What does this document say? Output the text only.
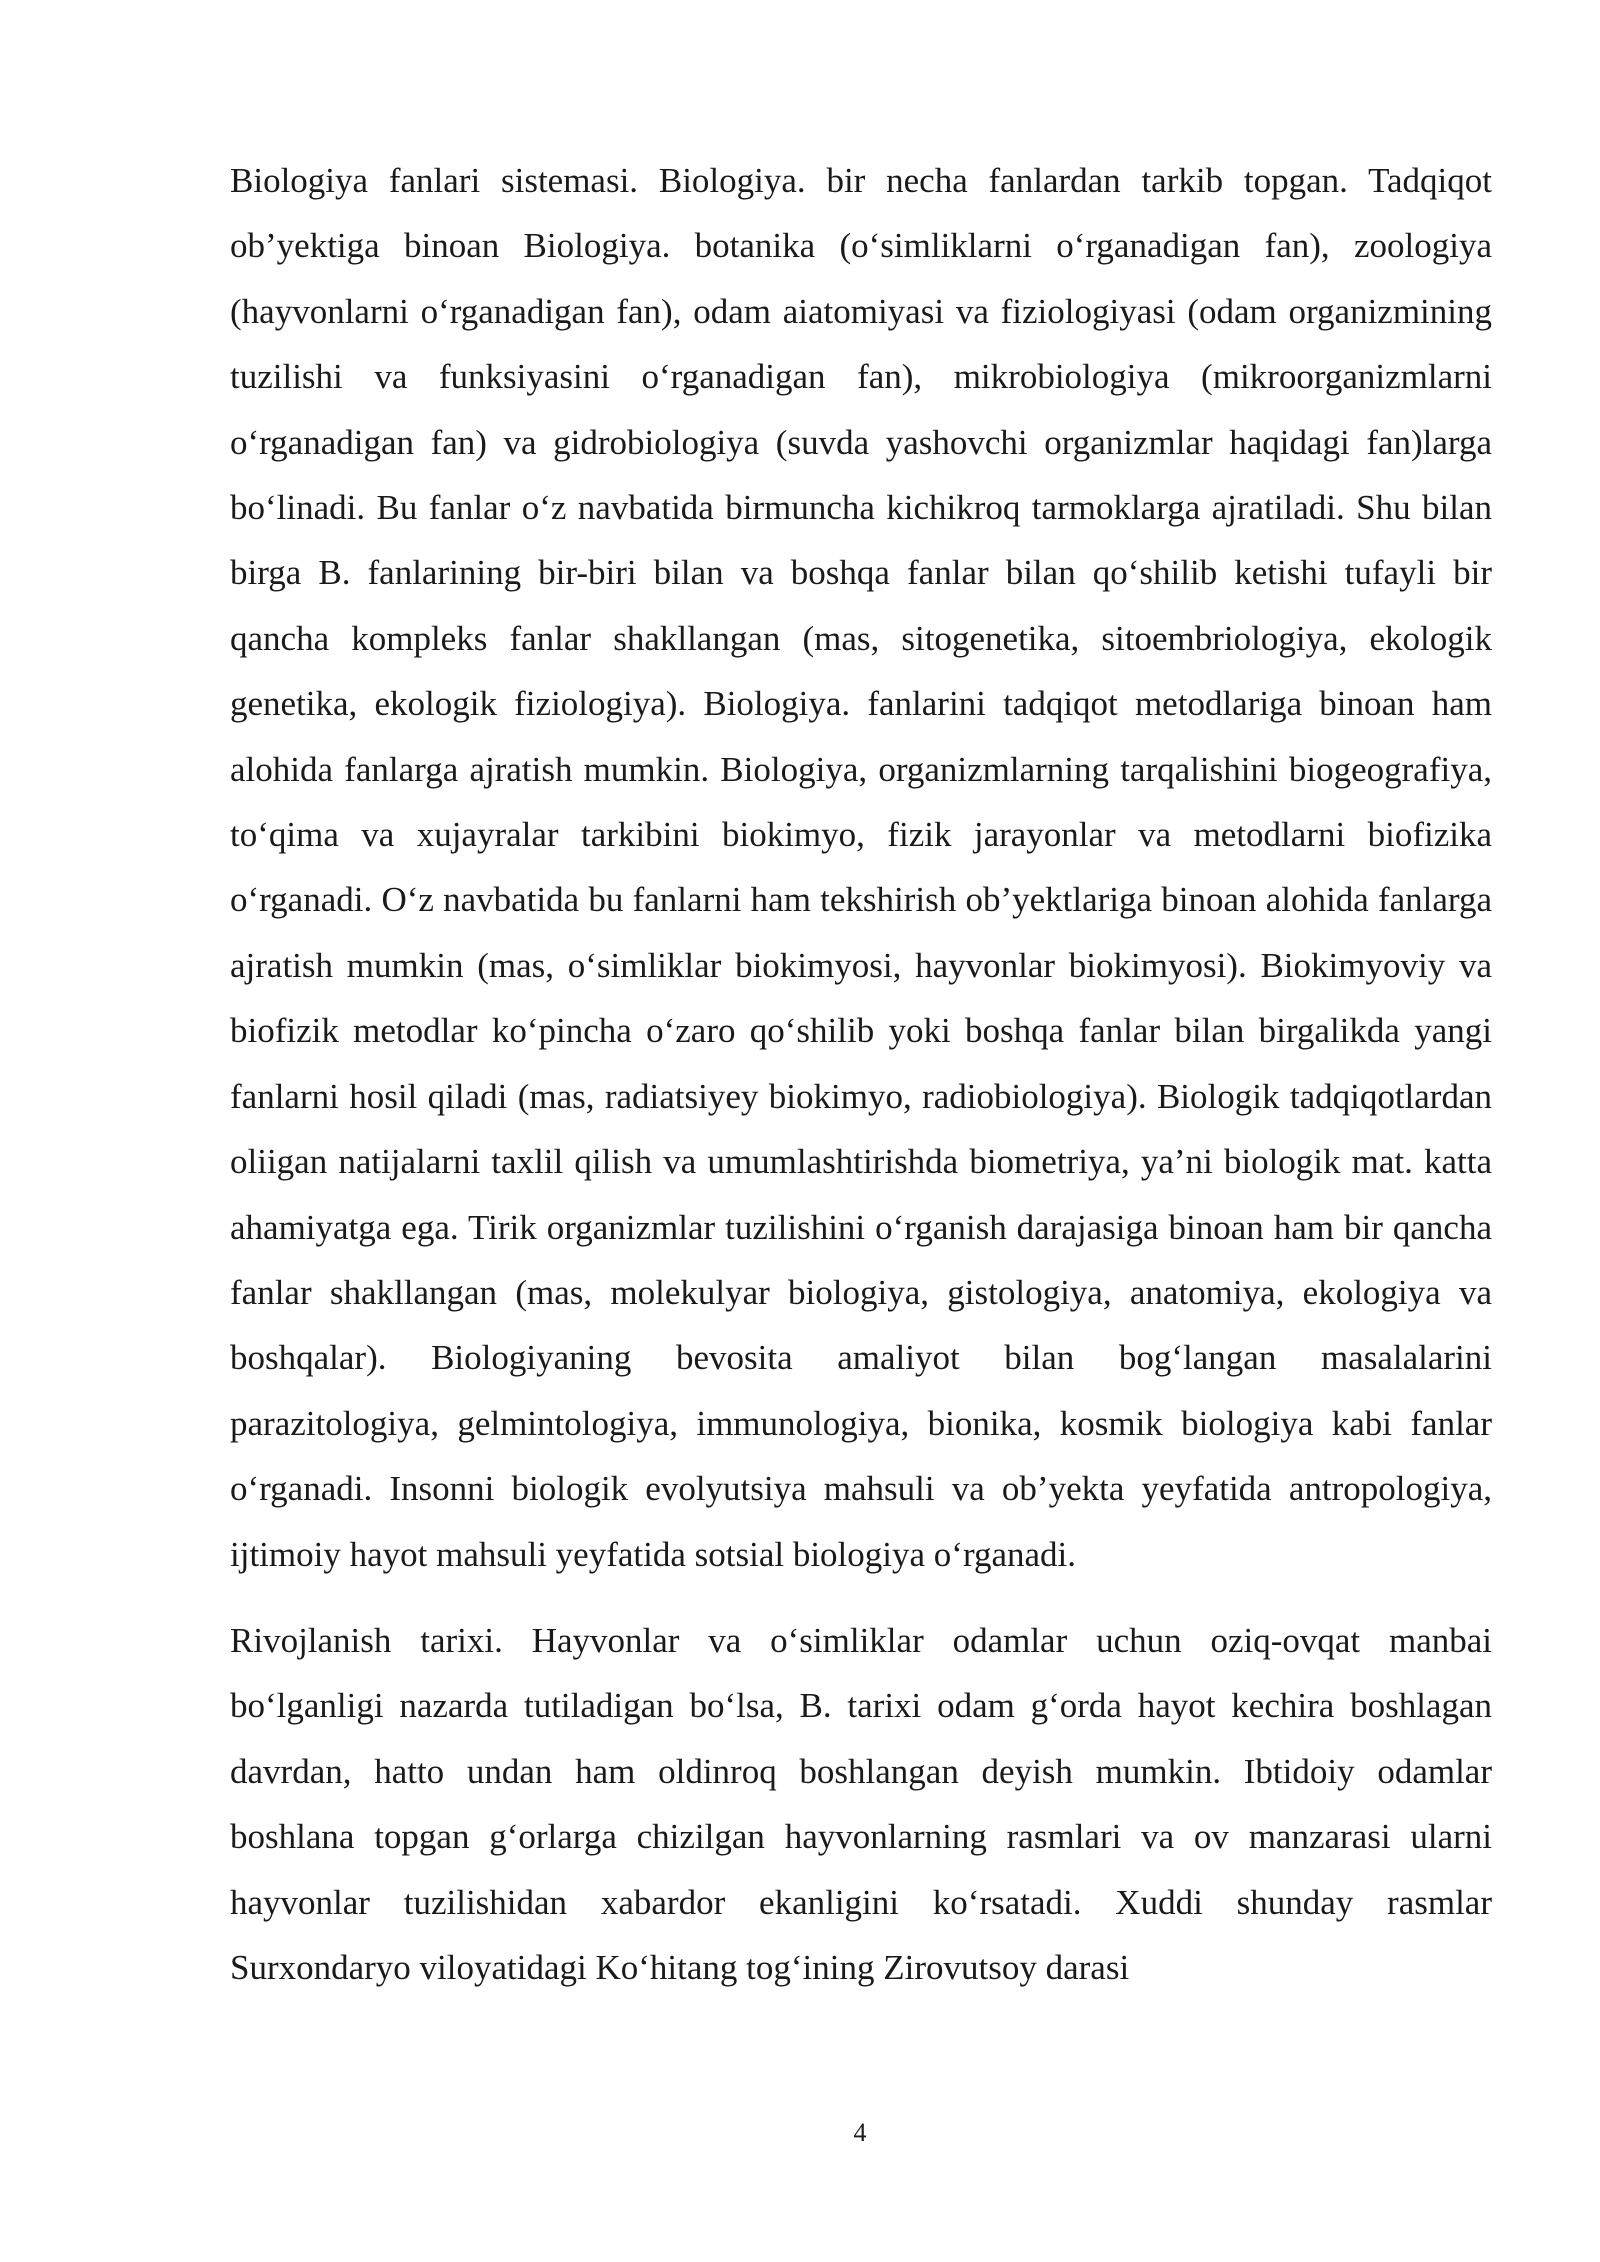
Biologiya fanlari sistemasi. Biologiya. bir necha fanlardan tarkib topgan. Tadqiqot ob’yektiga binoan Biologiya. botanika (oʻsimliklarni oʻrganadigan fan), zoologiya (hayvonlarni oʻrganadigan fan), odam aiatomiyasi va fiziologiyasi (odam organizmining tuzilishi va funksiyasini oʻrganadigan fan), mikrobiologiya (mikroorganizmlarni oʻrganadigan fan) va gidrobiologiya (suvda yashovchi organizmlar haqidagi fan)larga boʻlinadi. Bu fanlar oʻz navbatida birmuncha kichikroq tarmoklarga ajratiladi. Shu bilan birga B. fanlarining bir-biri bilan va boshqa fanlar bilan qoʻshilib ketishi tufayli bir qancha kompleks fanlar shakllangan (mas, sitogenetika, sitoembriologiya, ekologik genetika, ekologik fiziologiya). Biologiya. fanlarini tadqiqot metodlariga binoan ham alohida fanlarga ajratish mumkin. Biologiya, organizmlarning tarqalishini biogeografiya, toʻqima va xujayralar tarkibini biokimyo, fizik jarayonlar va metodlarni biofizika oʻrganadi. Oʻz navbatida bu fanlarni ham tekshirish ob’yektlariga binoan alohida fanlarga ajratish mumkin (mas, oʻsimliklar biokimyosi, hayvonlar biokimyosi). Biokimyoviy va biofizik metodlar koʻpincha oʻzaro qoʻshilib yoki boshqa fanlar bilan birgalikda yangi fanlarni hosil qiladi (mas, radiatsiyey biokimyo, radiobiologiya). Biologik tadqiqotlardan oliigan natijalarni taxlil qilish va umumlashtirishda biometriya, ya’ni biologik mat. katta ahamiyatga ega. Tirik organizmlar tuzilishini oʻrganish darajasiga binoan ham bir qancha fanlar shakllangan (mas, molekulyar biologiya, gistologiya, anatomiya, ekologiya va boshqalar). Biologiyaning bevosita amaliyot bilan bogʻlangan masalalarini parazitologiya, gelmintologiya, immunologiya, bionika, kosmik biologiya kabi fanlar oʻrganadi. Insonni biologik evolyutsiya mahsuli va ob’yekta yeyfatida antropologiya, ijtimoiy hayot mahsuli yeyfatida sotsial biologiya oʻrganadi.

Rivojlanish tarixi. Hayvonlar va oʻsimliklar odamlar uchun oziq-ovqat manbai boʻlganligi nazarda tutiladigan boʻlsa, B. tarixi odam gʻorda hayot kechira boshlagan davrdan, hatto undan ham oldinroq boshlangan deyish mumkin. Ibtidoiy odamlar boshlana topgan gʻorlarga chizilgan hayvonlarning rasmlari va ov manzarasi ularni hayvonlar tuzilishidan xabardor ekanligini koʻrsatadi. Xuddi shunday rasmlar Surxondaryo viloyatidagi Koʻhitang togʻining Zirovutsoy darasi

4
